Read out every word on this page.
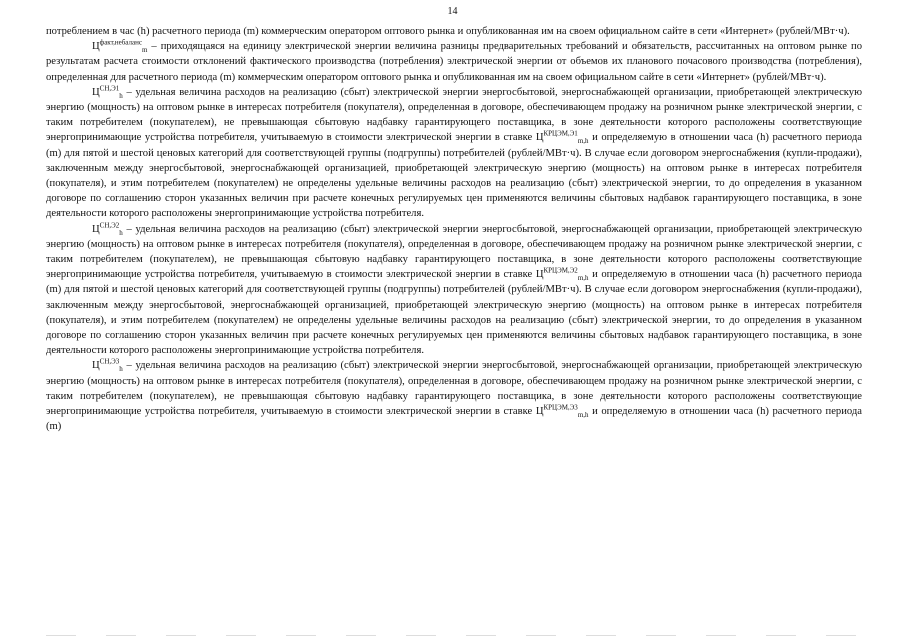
14

потреблением в час (h) расчетного периода (m) коммерческим оператором оптового рынка и опубликованная им на своем официальном сайте в сети «Интернет» (рублей/МВт·ч).

$Ц^{факт,небаланс}_m$ – приходящаяся на единицу электрической энергии величина разницы предварительных требований и обязательств, рассчитанных на оптовом рынке по результатам расчета стоимости отклонений фактического производства (потребления) электрической энергии от объемов их планового почасового производства (потребления), определенная для расчетного периода (m) коммерческим оператором оптового рынка и опубликованная им на своем официальном сайте в сети «Интернет» (рублей/МВт·ч).

$Ц^{СН,Э1}_h$ – удельная величина расходов на реализацию (сбыт) электрической энергии энергосбытовой, энергоснабжающей организации, приобретающей электрическую энергию (мощность) на оптовом рынке в интересах потребителя (покупателя), определенная в договоре, обеспечивающем продажу на розничном рынке электрической энергии, с таким потребителем (покупателем), не превышающая сбытовую надбавку гарантирующего поставщика, в зоне деятельности которого расположены соответствующие энергопринимающие устройства потребителя, учитываемую в стоимости электрической энергии в ставке $Ц^{КРЦЭМ,Э1}_{m,h}$ и определяемую в отношении часа (h) расчетного периода (m) для пятой и шестой ценовых категорий для соответствующей группы (подгруппы) потребителей (рублей/МВт·ч). В случае если договором энергоснабжения (купли-продажи), заключенным между энергосбытовой, энергоснабжающей организацией, приобретающей электрическую энергию (мощность) на оптовом рынке в интересах потребителя (покупателя), и этим потребителем (покупателем) не определены удельные величины расходов на реализацию (сбыт) электрической энергии, то до определения в указанном договоре по соглашению сторон указанных величин при расчете конечных регулируемых цен применяются величины сбытовых надбавок гарантирующего поставщика, в зоне деятельности которого расположены энергопринимающие устройства потребителя.

$Ц^{СН,Э2}_h$ – удельная величина расходов на реализацию (сбыт) электрической энергии энергосбытовой, энергоснабжающей организации, приобретающей электрическую энергию (мощность) на оптовом рынке в интересах потребителя (покупателя), определенная в договоре, обеспечивающем продажу на розничном рынке электрической энергии, с таким потребителем (покупателем), не превышающая сбытовую надбавку гарантирующего поставщика, в зоне деятельности которого расположены соответствующие энергопринимающие устройства потребителя, учитываемую в стоимости электрической энергии в ставке $Ц^{КРЦЭМ,Э2}_{m,h}$ и определяемую в отношении часа (h) расчетного периода (m) для пятой и шестой ценовых категорий для соответствующей группы (подгруппы) потребителей (рублей/МВт·ч). В случае если договором энергоснабжения (купли-продажи), заключенным между энергосбытовой, энергоснабжающей организацией, приобретающей электрическую энергию (мощность) на оптовом рынке в интересах потребителя (покупателя), и этим потребителем (покупателем) не определены удельные величины расходов на реализацию (сбыт) электрической энергии, то до определения в указанном договоре по соглашению сторон указанных величин при расчете конечных регулируемых цен применяются величины сбытовых надбавок гарантирующего поставщика, в зоне деятельности которого расположены энергопринимающие устройства потребителя.

$Ц^{СН,Э3}_h$ – удельная величина расходов на реализацию (сбыт) электрической энергии энергосбытовой, энергоснабжающей организации, приобретающей электрическую энергию (мощность) на оптовом рынке в интересах потребителя (покупателя), определенная в договоре, обеспечивающем продажу на розничном рынке электрической энергии, с таким потребителем (покупателем), не превышающая сбытовую надбавку гарантирующего поставщика, в зоне деятельности которого расположены соответствующие энергопринимающие устройства потребителя, учитываемую в стоимости электрической энергии в ставке $Ц^{КРЦЭМ,Э3}_{m,h}$ и определяемую в отношении часа (h) расчетного периода (m)
